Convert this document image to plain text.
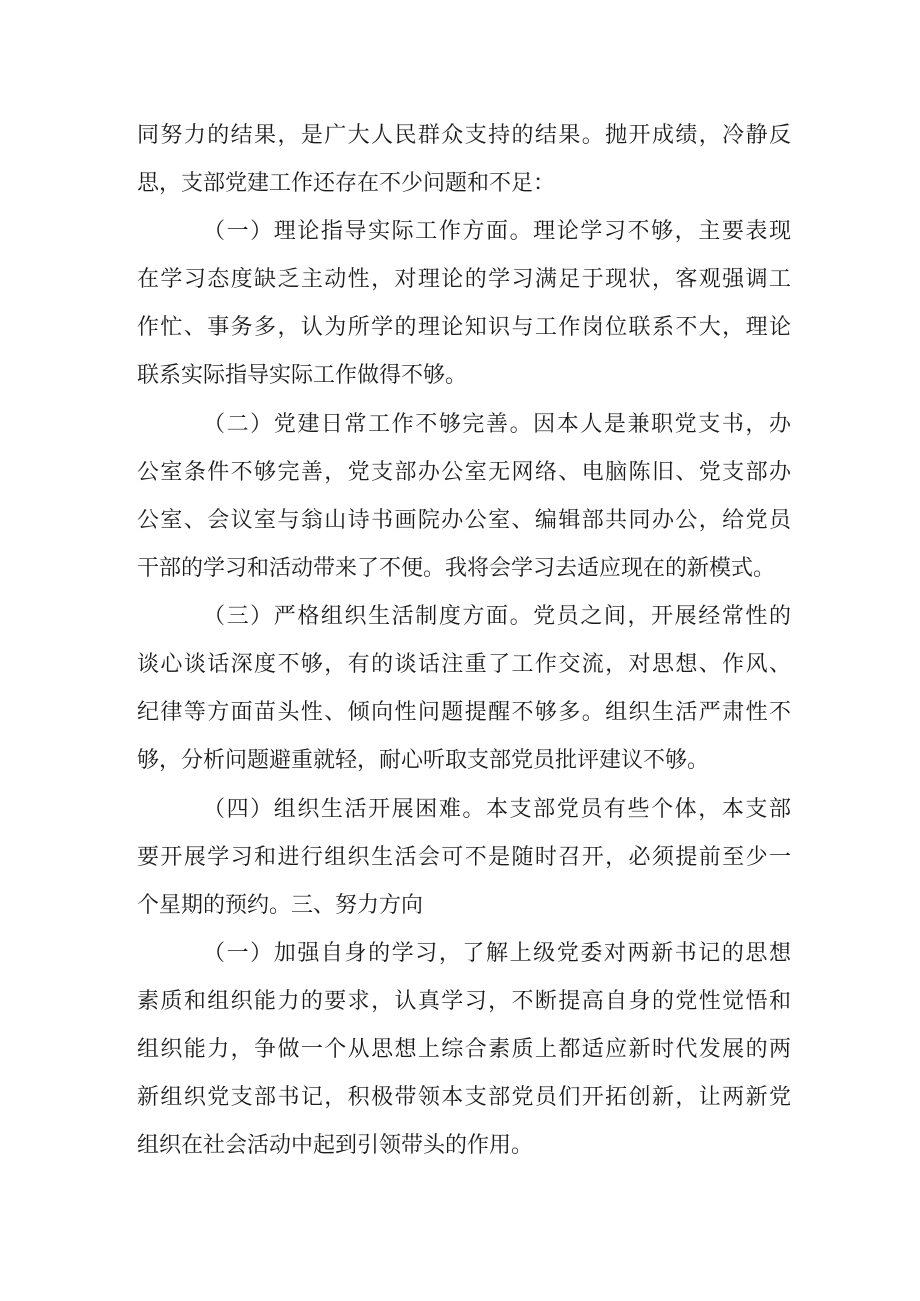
同努力的结果，是广大人民群众支持的结果。抛开成绩，冷静反
思，支部党建工作还存在不少问题和不足：
（一）理论指导实际工作方面。理论学习不够，主要表现
在学习态度缺乏主动性，对理论的学习满足于现状，客观强调工
作忙、事务多，认为所学的理论知识与工作岗位联系不大，理论
联系实际指导实际工作做得不够。
（二）党建日常工作不够完善。因本人是兼职党支书，办
公室条件不够完善，党支部办公室无网络、电脑陈旧、党支部办
公室、会议室与翁山诗书画院办公室、编辑部共同办公，给党员
干部的学习和活动带来了不便。我将会学习去适应现在的新模式。
（三）严格组织生活制度方面。党员之间，开展经常性的
谈心谈话深度不够，有的谈话注重了工作交流，对思想、作风、
纪律等方面苗头性、倾向性问题提醒不够多。组织生活严肃性不
够，分析问题避重就轻，耐心听取支部党员批评建议不够。
（四）组织生活开展困难。本支部党员有些个体，本支部
要开展学习和进行组织生活会可不是随时召开，必须提前至少一
个星期的预约。三、努力方向
（一）加强自身的学习，了解上级党委对两新书记的思想
素质和组织能力的要求，认真学习，不断提高自身的党性觉悟和
组织能力，争做一个从思想上综合素质上都适应新时代发展的两
新组织党支部书记，积极带领本支部党员们开拓创新，让两新党
组织在社会活动中起到引领带头的作用。
